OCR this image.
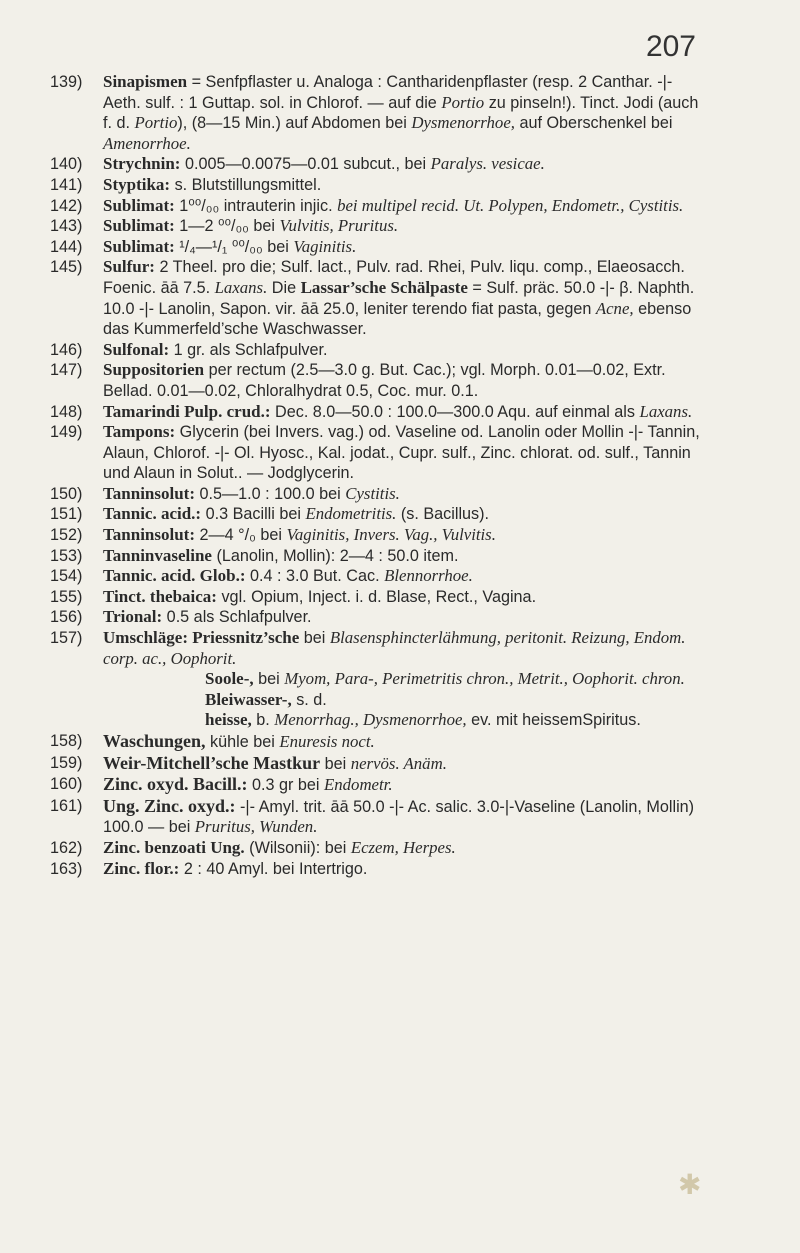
207
139) Sinapismen = Senfpflaster u. Analoga : Cantharidenpflaster (resp. 2 Canthar. -|- Aeth. sulf. : 1 Guttap. sol. in Chlorof. — auf die Portio zu pinseln!). Tinct. Jodi (auch f. d. Portio), (8—15 Min.) auf Abdomen bei Dysmenorrhoe, auf Oberschenkel bei Amenorrhoe.
140) Strychnin: 0.005—0.0075—0.01 subcut., bei Paralys. vesicae.
141) Styptika: s. Blutstillungsmittel.
142) Sublimat: 1⁰⁰/₀₀ intrauterin injic. bei multipel recid. Ut. Polypen, Endometr., Cystitis.
143) Sublimat: 1—2 ⁰⁰/₀₀ bei Vulvitis, Pruritus.
144) Sublimat: ¹/₄—¹/₁ ⁰⁰/₀₀ bei Vaginitis.
145) Sulfur: 2 Theel. pro die; Sulf. lact., Pulv. rad. Rhei, Pulv. liqu. comp., Elaeosacch. Foenic. āā 7.5. Laxans. Die Lassar’sche Schälpaste = Sulf. präc. 50.0 -|- β. Naphth. 10.0 -|- Lanolin, Sapon. vir. āā 25.0, leniter terendo fiat pasta, gegen Acne, ebenso das Kummerfeld’sche Waschwasser.
146) Sulfonal: 1 gr. als Schlafpulver.
147) Suppositorien per rectum (2.5—3.0 g. But. Cac.); vgl. Morph. 0.01—0.02, Extr. Bellad. 0.01—0.02, Chloralhydrat 0.5, Coc. mur. 0.1.
148) Tamarindi Pulp. crud.: Dec. 8.0—50.0 : 100.0—300.0 Aqu. auf einmal als Laxans.
149) Tampons: Glycerin (bei Invers. vag.) od. Vaseline od. Lanolin oder Mollin -|- Tannin, Alaun, Chlorof. -|- Ol. Hyosc., Kal. jodat., Cupr. sulf., Zinc. chlorat. od. sulf., Tannin und Alaun in Solut.. — Jodglycerin.
150) Tanninsolut: 0.5—1.0 : 100.0 bei Cystitis.
151) Tannic. acid.: 0.3 Bacilli bei Endometritis. (s. Bacillus).
152) Tanninsolut: 2—4 °/₀ bei Vaginitis, Invers. Vag., Vulvitis.
153) Tanninvaseline (Lanolin, Mollin): 2—4 : 50.0 item.
154) Tannic. acid. Glob.: 0.4 : 3.0 But. Cac. Blennorrhoe.
155) Tinct. thebaica: vgl. Opium, Inject. i. d. Blase, Rect., Vagina.
156) Trional: 0.5 als Schlafpulver.
157) Umschläge: Priessnitz’sche bei Blasensphincterlähmung, peritonit. Reizung, Endom. corp. ac., Oophorit.
Soole-, bei Myom, Para-, Perimetritis chron., Metrit., Oophorit. chron.
Bleiwasser-, s. d.
heisse, b. Menorrhag., Dysmenorrhoe, ev. mit heissemSpiritus.
158) Waschungen, kühle bei Enuresis noct.
159) Weir-Mitchell’sche Mastkur bei nervös. Anäm.
160) Zinc. oxyd. Bacill.: 0.3 gr bei Endometr.
161) Ung. Zinc. oxyd.: -|- Amyl. trit. āā 50.0 -|- Ac. salic. 3.0-|-Vaseline (Lanolin, Mollin) 100.0 — bei Pruritus, Wunden.
162) Zinc. benzoati Ung. (Wilsonii): bei Eczem, Herpes.
163) Zinc. flor.: 2 : 40 Amyl. bei Intertrigo.
✱
